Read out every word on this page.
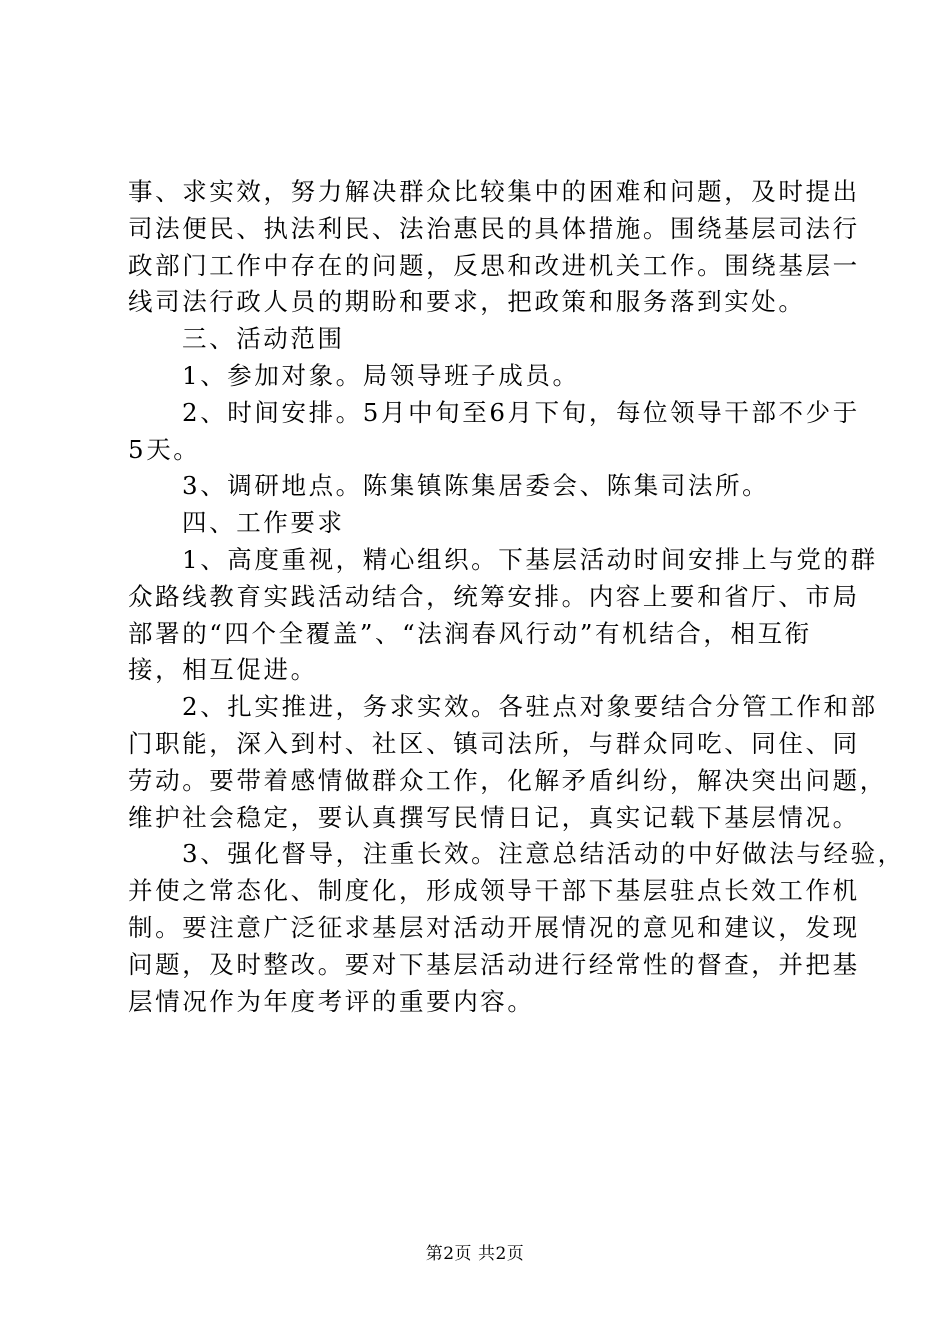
事、求实效，努力解决群众比较集中的困难和问题，及时提出

司法便民、执法利民、法治惠民的具体措施。围绕基层司法行

政部门工作中存在的问题，反思和改进机关工作。围绕基层一

线司法行政人员的期盼和要求，把政策和服务落到实处。

三、活动范围

1、参加对象。局领导班子成员。

2、时间安排。5月中旬至6月下旬，每位领导干部不少于

5天。

3、调研地点。陈集镇陈集居委会、陈集司法所。

四、工作要求

1、高度重视，精心组织。下基层活动时间安排上与党的群

众路线教育实践活动结合，统筹安排。内容上要和省厅、市局

部署的“四个全覆盖”、“法润春风行动”有机结合，相互衔

接，相互促进。

2、扎实推进，务求实效。各驻点对象要结合分管工作和部

门职能，深入到村、社区、镇司法所，与群众同吃、同住、同

劳动。要带着感情做群众工作，化解矛盾纠纷，解决突出问题，

维护社会稳定，要认真撰写民情日记，真实记载下基层情况。

3、强化督导，注重长效。注意总结活动的中好做法与经验，

并使之常态化、制度化，形成领导干部下基层驻点长效工作机

制。要注意广泛征求基层对活动开展情况的意见和建议，发现

问题，及时整改。要对下基层活动进行经常性的督查，并把基

层情况作为年度考评的重要内容。

第2页 共2页
